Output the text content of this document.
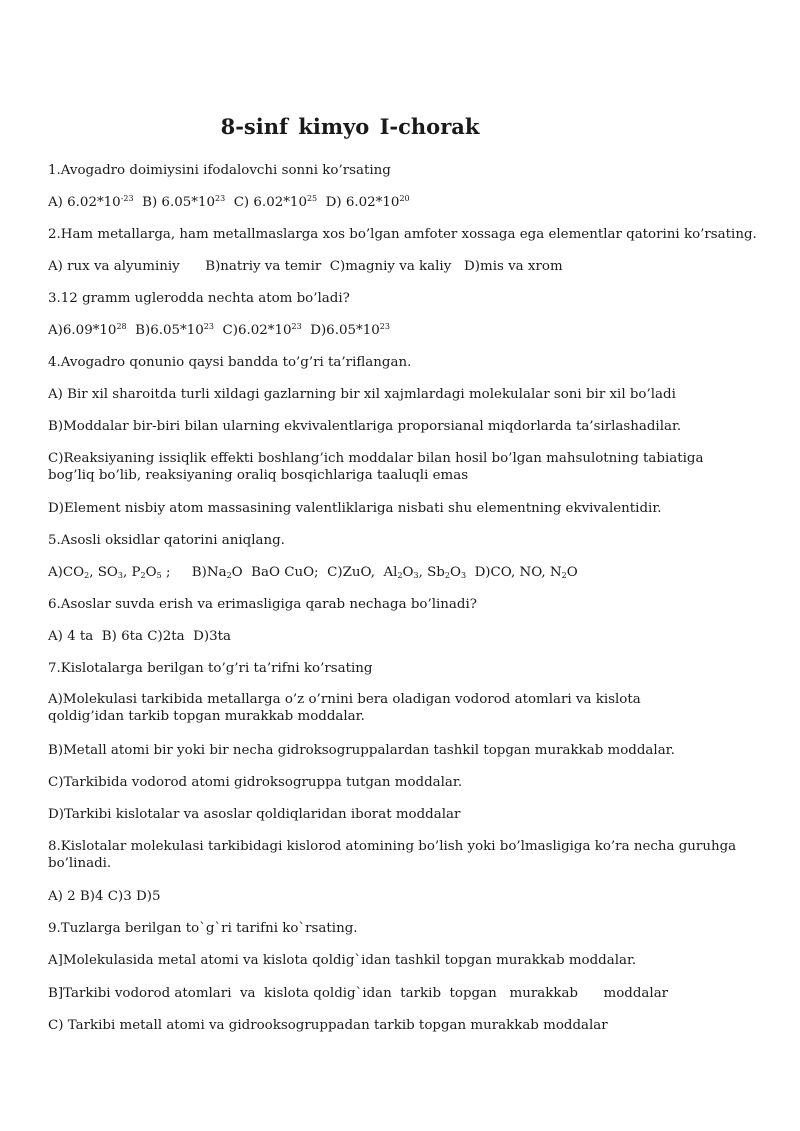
8-sinf kimyo I-chorak

1.Avogadro doimiysini ifodalovchi sonni ko’rsating

A) $6.02*10^{-23}$ B) $6.05*10^{23}$ C) $6.02*10^{25}$ D) $6.02*10^{20}$

2.Ham metallarga, ham metallmaslarga xos bo’lgan amfoter xossaga ega elementlar qatorini ko’rsating.

A) rux va alyuminiy      B)natriy va temir  C)magniy va kaliy   D)mis va xrom

3.12 gramm uglerodda nechta atom bo’ladi?

$A)6.09*10^{28}$ $B)6.05*10^{23}$ $C)6.02*10^{23}$ $D)6.05*10^{23}$

4.Avogadro qonunio qaysi bandda to’g’ri ta’riflangan.

A) Bir xil sharoitda turli xildagi gazlarning bir xil xajmlardagi molekulalar soni bir xil bo’ladi

B)Moddalar bir-biri bilan ularning ekvivalentlariga proporsianal miqdorlarda ta’sirlashadilar.

C)Reaksiyaning issiqlik effekti boshlang’ich moddalar bilan hosil bo’lgan mahsulotning tabiatiga bog’liq bo’lib, reaksiyaning oraliq bosqichlariga taaluqli emas

D)Element nisbiy atom massasining valentliklariga nisbati shu elementning ekvivalentidir.

5.Asosli oksidlar qatorini aniqlang.

$A)CO_2$, $SO_3$, $P_2O_5$ ; $B)Na_2O$ BaO CuO; C)ZuO, $Al_2O_3$, $Sb_2O_3$ D)CO, NO, $N_2O$

6.Asoslar suvda erish va erimasligiga qarab nechaga bo’linadi?

A) 4 ta  B) 6ta C)2ta  D)3ta

7.Kislotalarga berilgan to’g’ri ta’rifni ko’rsating

A)Molekulasi tarkibida metallarga o’z o’rnini bera oladigan vodorod atomlari va kislota qoldig’idan tarkib topgan murakkab moddalar.

B)Metall atomi bir yoki bir necha gidroksogruppalardan tashkil topgan murakkab moddalar.

C)Tarkibida vodorod atomi gidroksogruppa tutgan moddalar.

D)Tarkibi kislotalar va asoslar qoldiqlaridan iborat moddalar

8.Kislotalar molekulasi tarkibidagi kislorod atomining bo’lish yoki bo’lmasligiga ko’ra necha guruhga bo’linadi.

A) 2 B)4 C)3 D)5

9.Tuzlarga berilgan to`g`ri tarifni ko`rsating.

A]Molekulasida metal atomi va kislota qoldig`idan tashkil topgan murakkab moddalar.

B]Tarkibi vodorod atomlari  va  kislota qoldig`idan  tarkib  topgan   murakkab      moddalar

C) Tarkibi metall atomi va gidrooksogruppadan tarkib topgan murakkab moddalar
